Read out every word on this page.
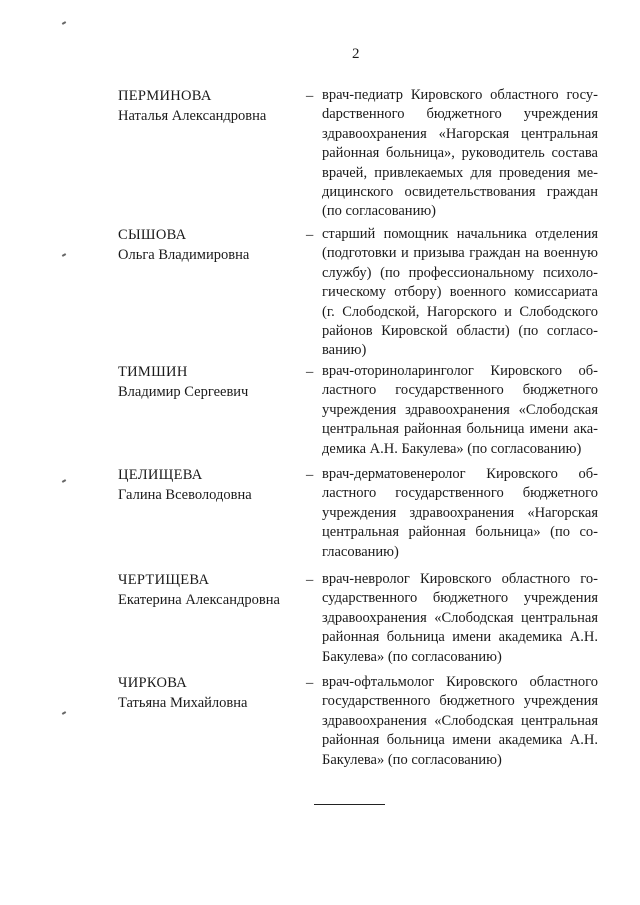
2
ПЕРМИНОВА
Наталья Александровна
– врач-педиатр Кировского областного госуdарственного бюджетного учреждения здравоохранения «Нагорская центральная районная больница», руководитель состава врачей, привлекаемых для проведения медицинского освидетельствования граждан (по согласованию)
СЫШОВА
Ольга Владимировна
– старший помощник начальника отделения (подготовки и призыва граждан на военную службу) (по профессиональному психологическому отбору) военного комиссариата (г. Слободской, Нагорского и Слободского районов Кировской области) (по согласованию)
ТИМШИН
Владимир Сергеевич
– врач-оториноларинголог Кировского областного государственного бюджетного учреждения здравоохранения «Слободская центральная районная больница имени академика А.Н. Бакулева» (по согласованию)
ЦЕЛИЩЕВА
Галина Всеволодовна
– врач-дерматовенеролог Кировского областного государственного бюджетного учреждения здравоохранения «Нагорская центральная районная больница» (по согласованию)
ЧЕРТИЩЕВА
Екатерина Александровна
– врач-невролог Кировского областного государственного бюджетного учреждения здравоохранения «Слободская центральная районная больница имени академика А.Н. Бакулева» (по согласованию)
ЧИРКОВА
Татьяна Михайловна
– врач-офтальмолог Кировского областного государственного бюджетного учреждения здравоохранения «Слободская центральная районная больница имени академика А.Н. Бакулева» (по согласованию)
